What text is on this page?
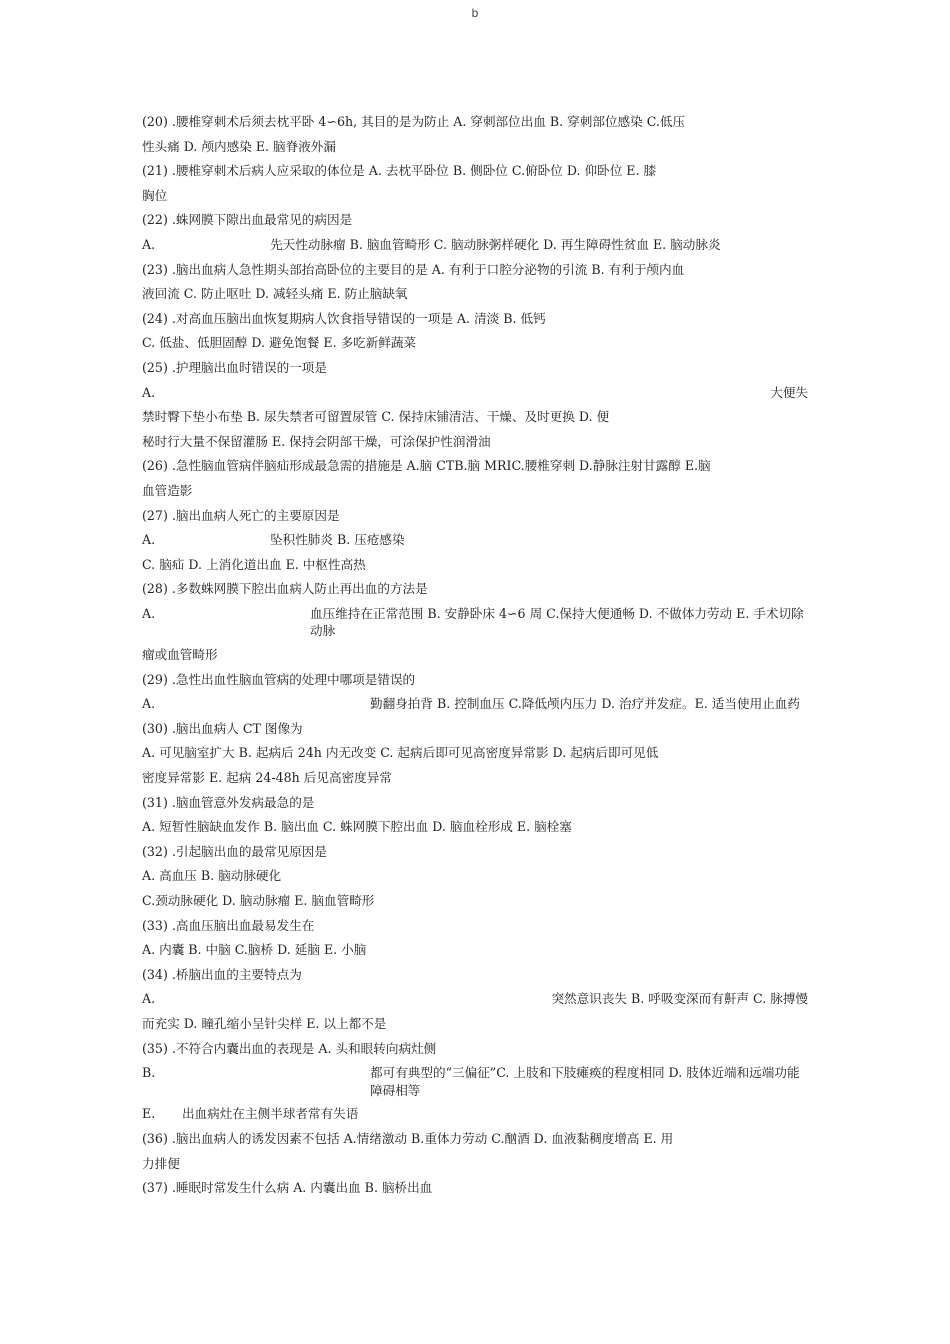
b
(20) .腰椎穿刺术后须去枕平卧 4∽6h, 其目的是为防止 A. 穿刺部位出血 B. 穿刺部位感染 C.低压
性头痛 D. 颅内感染 E. 脑脊液外漏
(21) .腰椎穿刺术后病人应采取的体位是 A. 去枕平卧位 B. 侧卧位 C.俯卧位 D. 仰卧位 E. 膝
胸位
(22) .蛛网膜下隙出血最常见的病因是
A.	先天性动脉瘤 B. 脑血管畸形 C. 脑动脉粥样硬化 D. 再生障碍性贫血 E. 脑动脉炎
(23) .脑出血病人急性期头部抬高卧位的主要目的是 A. 有利于口腔分泌物的引流 B. 有利于颅内血
液回流 C. 防止呕吐 D. 减轻头痛 E. 防止脑缺氧
(24) .对高血压脑出血恢复期病人饮食指导错误的一项是 A. 清淡 B. 低钙
C. 低盐、低胆固醇 D. 避免饱餐 E. 多吃新鲜蔬菜
(25) .护理脑出血时错误的一项是
A.	大便失
禁时臀下垫小布垫 B. 尿失禁者可留置尿管 C. 保持床铺清洁、干燥、及时更换 D. 便
秘时行大量不保留灌肠 E. 保持会阴部干燥，可涂保护性润滑油
(26) .急性脑血管病伴脑疝形成最急需的措施是 A.脑 CTB.脑 MRIC.腰椎穿刺 D.静脉注射甘露醇 E.脑
血管造影
(27) .脑出血病人死亡的主要原因是
A.	坠积性肺炎 B. 压疮感染
C. 脑疝 D. 上消化道出血 E. 中枢性高热
(28) .多数蛛网膜下腔出血病人防止再出血的方法是
A.	血压维持在正常范围 B. 安静卧床 4∽6 周 C.保持大便通畅 D. 不做体力劳动 E. 手术切除动脉
瘤或血管畸形
(29) .急性出血性脑血管病的处理中哪项是错误的
A.	勤翻身拍背 B. 控制血压 C.降低颅内压力 D. 治疗并发症。E. 适当使用止血药
(30) .脑出血病人 CT 图像为
A. 可见脑室扩大 B. 起病后 24h 内无改变 C. 起病后即可见高密度异常影 D. 起病后即可见低
密度异常影 E. 起病 24-48h 后见高密度异常
(31) .脑血管意外发病最急的是
A. 短暂性脑缺血发作 B. 脑出血 C. 蛛网膜下腔出血 D. 脑血栓形成 E. 脑栓塞
(32) .引起脑出血的最常见原因是
A. 高血压 B. 脑动脉硬化
C.颈动脉硬化 D. 脑动脉瘤 E. 脑血管畸形
(33) .高血压脑出血最易发生在
A. 内囊 B. 中脑 C.脑桥 D. 延脑 E. 小脑
(34) .桥脑出血的主要特点为
A.	突然意识丧失 B. 呼吸变深而有鼾声 C. 脉搏慢
而充实 D. 瞳孔缩小呈针尖样 E. 以上都不是
(35) .不符合内囊出血的表现是 A. 头和眼转向病灶侧
B.	都可有典型的“三偏征”C. 上肢和下肢瘫痪的程度相同 D. 肢体近端和远端功能障碍相等
E.	出血病灶在主侧半球者常有失语
(36) .脑出血病人的诱发因素不包括 A.情绪激动 B.重体力劳动 C.酗酒 D. 血液黏稠度增高 E. 用
力排便
(37) .睡眠时常发生什么病 A. 内囊出血 B. 脑桥出血
